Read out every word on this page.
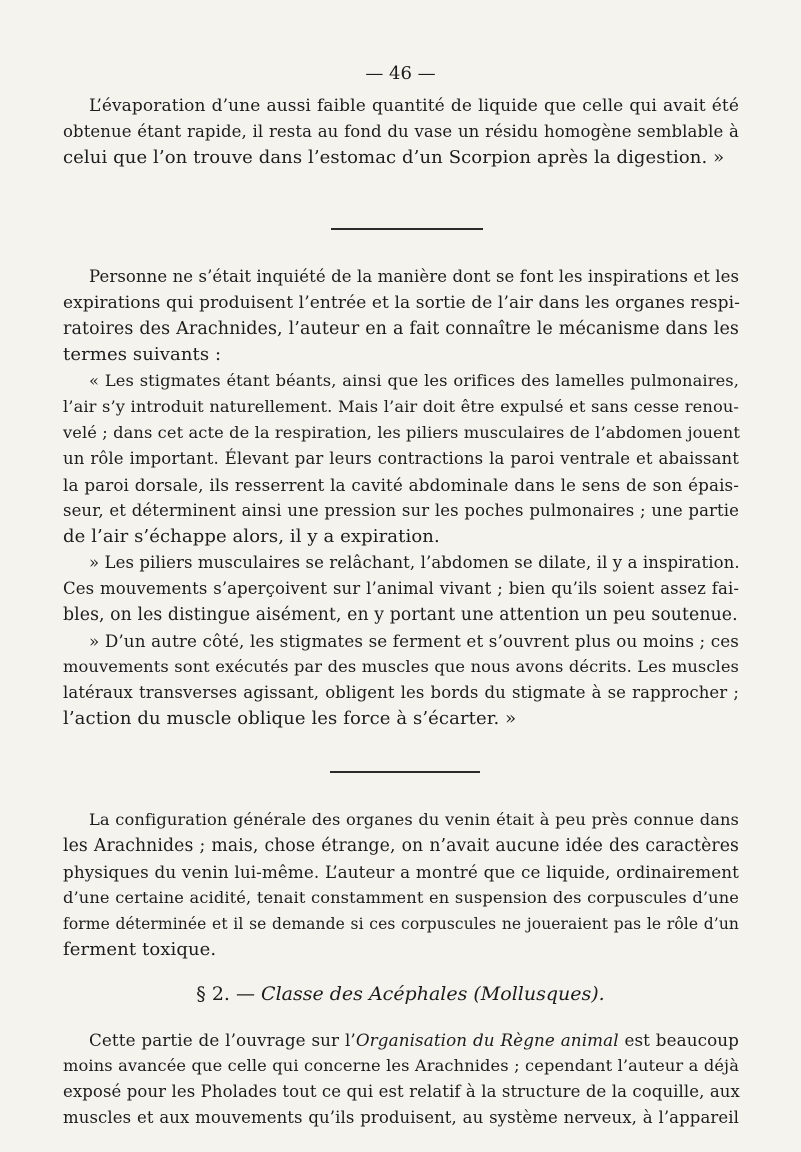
— 46 —
L’évaporation d’une aussi faible quantité de liquide que celle qui avait été
obtenue étant rapide, il resta au fond du vase un résidu homogène semblable à
celui que l’on trouve dans l’estomac d’un Scorpion après la digestion. »
Personne ne s’était inquiété de la manière dont se font les inspirations et les
expirations qui produisent l’entrée et la sortie de l’air dans les organes respi-
ratoires des Arachnides, l’auteur en a fait connaître le mécanisme dans les
termes suivants :
« Les stigmates étant béants, ainsi que les orifices des lamelles pulmonaires,
l’air s’y introduit naturellement. Mais l’air doit être expulsé et sans cesse renou-
velé ; dans cet acte de la respiration, les piliers musculaires de l’abdomen jouent
un rôle important. Élevant par leurs contractions la paroi ventrale et abaissant
la paroi dorsale, ils resserrent la cavité abdominale dans le sens de son épais-
seur, et déterminent ainsi une pression sur les poches pulmonaires ; une partie
de l’air s’échappe alors, il y a expiration.
» Les piliers musculaires se relâchant, l’abdomen se dilate, il y a inspiration.
Ces mouvements s’aperçoivent sur l’animal vivant ; bien qu’ils soient assez fai-
bles, on les distingue aisément, en y portant une attention un peu soutenue.
» D’un autre côté, les stigmates se ferment et s’ouvrent plus ou moins ; ces
mouvements sont exécutés par des muscles que nous avons décrits. Les muscles
latéraux transverses agissant, obligent les bords du stigmate à se rapprocher ;
l’action du muscle oblique les force à s’écarter. »
La configuration générale des organes du venin était à peu près connue dans
les Arachnides ; mais, chose étrange, on n’avait aucune idée des caractères
physiques du venin lui-même. L’auteur a montré que ce liquide, ordinairement
d’une certaine acidité, tenait constamment en suspension des corpuscules d’une
forme déterminée et il se demande si ces corpuscules ne joueraient pas le rôle d’un
ferment toxique.
§ 2. — Classe des Acéphales (Mollusques).
Cette partie de l’ouvrage sur l’Organisation du Règne animal est beaucoup
moins avancée que celle qui concerne les Arachnides ; cependant l’auteur a déjà
exposé pour les Pholades tout ce qui est relatif à la structure de la coquille, aux
muscles et aux mouvements qu’ils produisent, au système nerveux, à l’appareil
